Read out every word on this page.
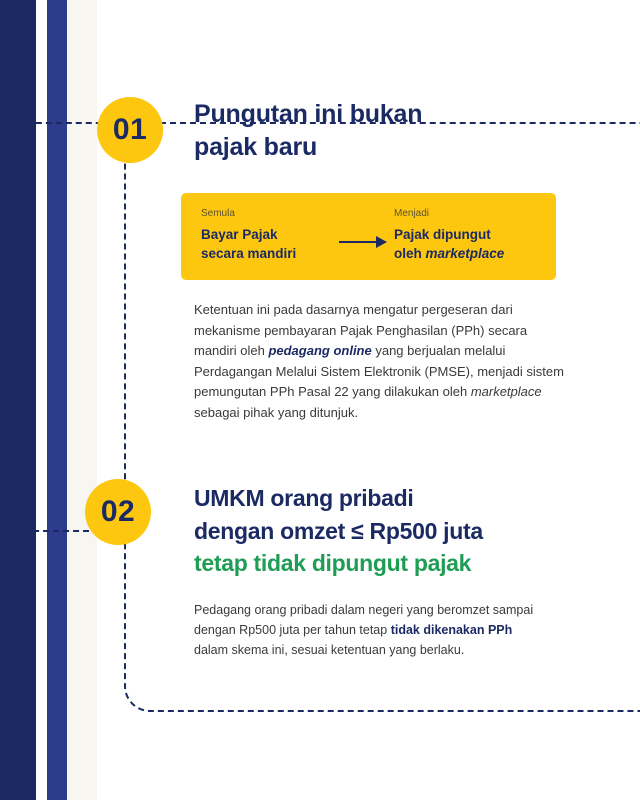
01	Pungutan ini bukan
pajak baru
Semula
Bayar Pajak
secara mandiri
Menjadi
Pajak dipungut
oleh marketplace

Ketentuan ini pada dasarnya mengatur pergeseran dari mekanisme pembayaran Pajak Penghasilan (PPh) secara mandiri oleh pedagang online yang berjualan melalui Perdagangan Melalui Sistem Elektronik (PMSE), menjadi sistem pemungutan PPh Pasal 22 yang dilakukan oleh marketplace sebagai pihak yang ditunjuk.

02	UMKM orang pribadi
dengan omzet ≤ Rp500 juta
tetap tidak dipungut pajak

Pedagang orang pribadi dalam negeri yang beromzet sampai dengan Rp500 juta per tahun tetap tidak dikenakan PPh dalam skema ini, sesuai ketentuan yang berlaku.
